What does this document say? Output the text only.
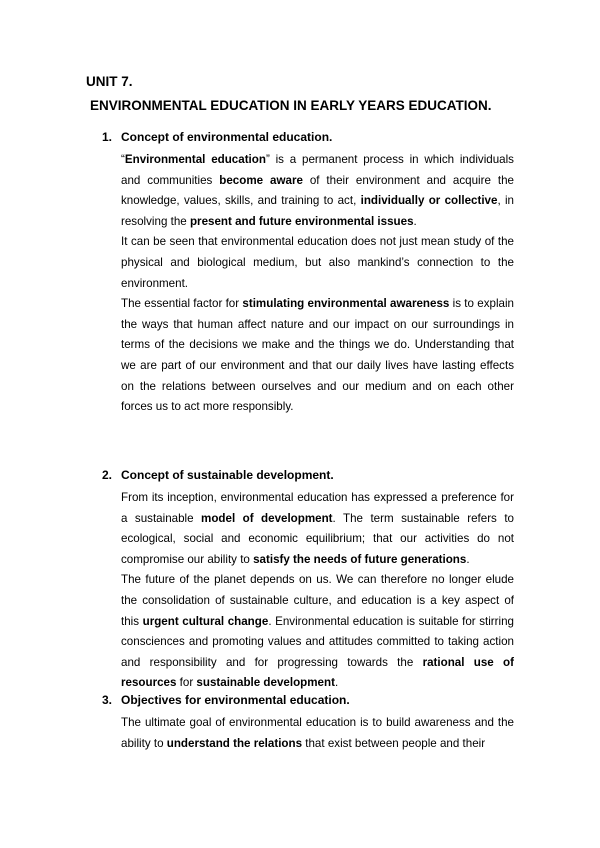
UNIT 7.
ENVIRONMENTAL EDUCATION IN EARLY YEARS EDUCATION.
1. Concept of environmental education.

“Environmental education” is a permanent process in which individuals and communities become aware of their environment and acquire the knowledge, values, skills, and training to act, individually or collective, in resolving the present and future environmental issues.

It can be seen that environmental education does not just mean study of the physical and biological medium, but also mankind’s connection to the environment.

The essential factor for stimulating environmental awareness is to explain the ways that human affect nature and our impact on our surroundings in terms of the decisions we make and the things we do. Understanding that we are part of our environment and that our daily lives have lasting effects on the relations between ourselves and our medium and on each other forces us to act more responsibly.

2. Concept of sustainable development.

From its inception, environmental education has expressed a preference for a sustainable model of development. The term sustainable refers to ecological, social and economic equilibrium; that our activities do not compromise our ability to satisfy the needs of future generations.

The future of the planet depends on us. We can therefore no longer elude the consolidation of sustainable culture, and education is a key aspect of this urgent cultural change. Environmental education is suitable for stirring consciences and promoting values and attitudes committed to taking action and responsibility and for progressing towards the rational use of resources for sustainable development.

3. Objectives for environmental education.

The ultimate goal of environmental education is to build awareness and the ability to understand the relations that exist between people and their
